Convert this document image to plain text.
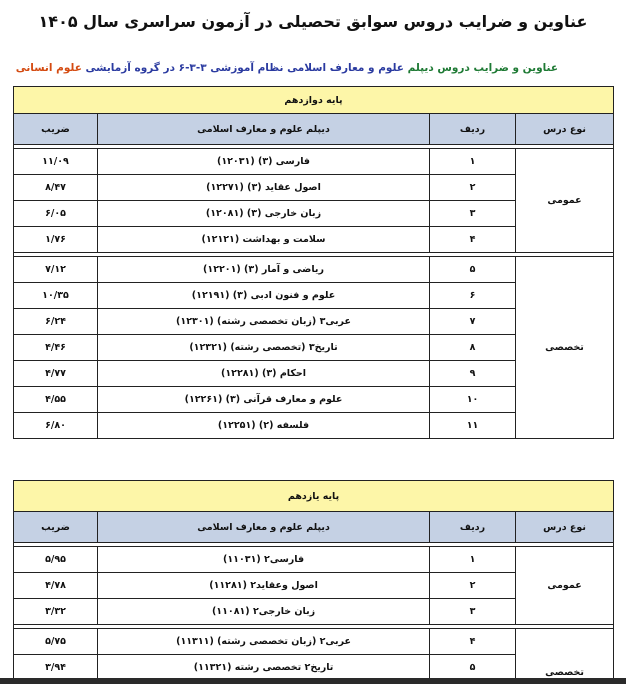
عناوین و ضرایب دروس سوابق تحصیلی در آزمون سراسری سال ۱۴۰۵
عناوین و ضرایب دروس دیپلم علوم و معارف اسلامی نظام آموزشی ۳-۳-۶ در گروه آزمایشی علوم انسانی
پایه دوازدهم			
نوع درس	ردیف	دیپلم علوم و معارف اسلامی	ضریب

عمومی	۱	فارسی (۳) (۱۲۰۳۱)	۱۱/۰۹
	۲	اصول عقاید (۳) (۱۲۲۷۱)	۸/۴۷
	۳	زبان خارجی (۳) (۱۲۰۸۱)	۶/۰۵
	۴	سلامت و بهداشت (۱۲۱۲۱)	۱/۷۶

تخصصی	۵	ریاضی و آمار (۳) (۱۲۲۰۱)	۷/۱۲
	۶	علوم و فنون ادبی (۳) (۱۲۱۹۱)	۱۰/۳۵
	۷	عربی۳ (زبان تخصصی رشته) (۱۲۳۰۱)	۶/۲۴
	۸	تاریخ۳ (تخصصی رشته) (۱۲۳۲۱)	۴/۴۶
	۹	احکام (۳) (۱۲۲۸۱)	۴/۷۷
	۱۰	علوم و معارف قرآنی (۳) (۱۲۲۶۱)	۴/۵۵
	۱۱	فلسفه (۲) (۱۲۲۵۱)	۶/۸۰
پایه یازدهم			
نوع درس	ردیف	دیپلم علوم و معارف اسلامی	ضریب

عمومی	۱	فارسی۲ (۱۱۰۳۱)	۵/۹۵
	۲	اصول وعقاید۲ (۱۱۲۸۱)	۴/۷۸
	۳	زبان خارجی۲ (۱۱۰۸۱)	۳/۳۲

تخصصی	۴	عربی۲ (زبان تخصصی رشته) (۱۱۳۱۱)	۵/۷۵
	۵	تاریخ۲ تخصصی رشته (۱۱۳۲۱)	۳/۹۴
